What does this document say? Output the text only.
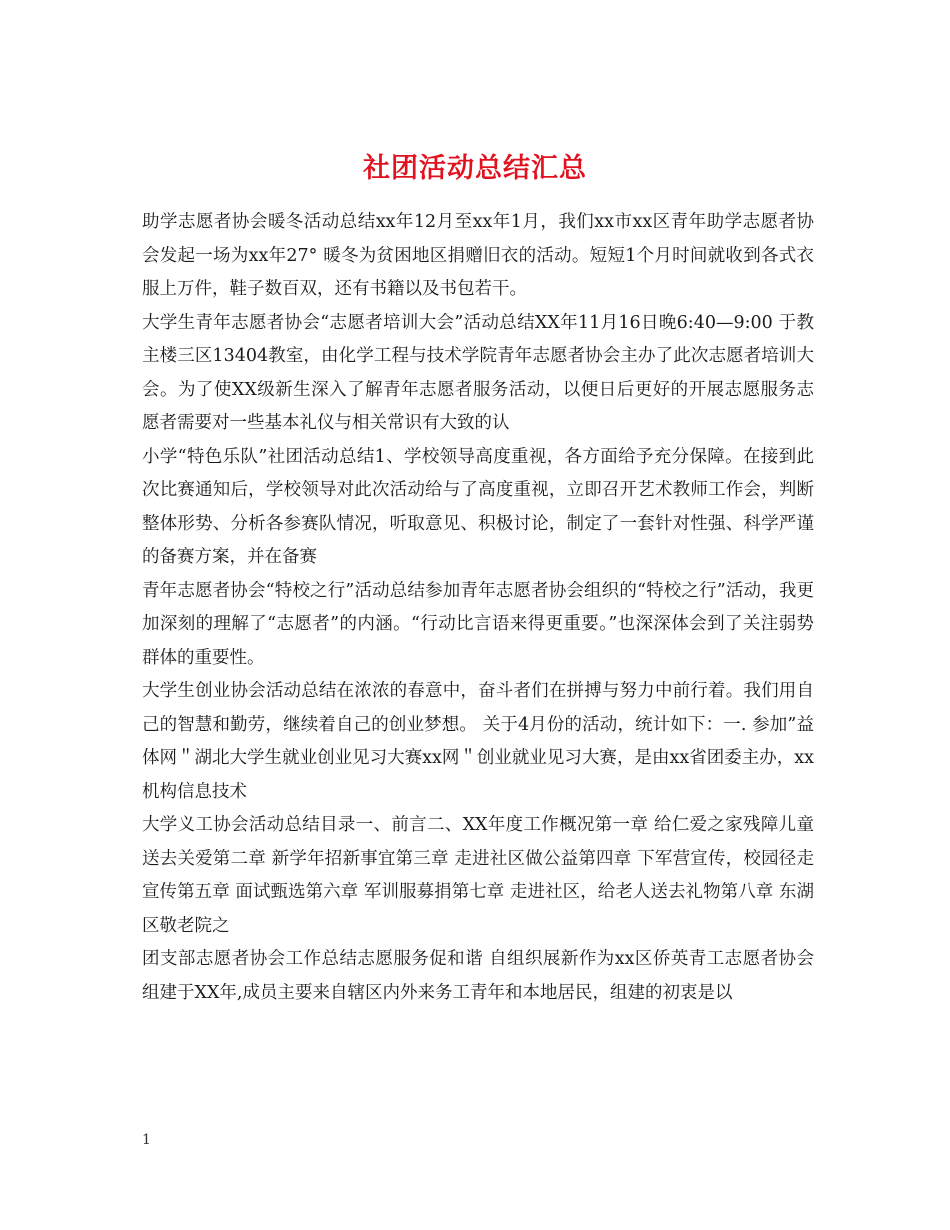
社团活动总结汇总

助学志愿者协会暖冬活动总结xx年12月至xx年1月，我们xx市xx区青年助学志愿者协会发起一场为xx年27° 暖冬为贫困地区捐赠旧衣的活动。短短1个月时间就收到各式衣服上万件，鞋子数百双，还有书籍以及书包若干。

大学生青年志愿者协会“志愿者培训大会”活动总结XX年11月16日晚6:40—9:00 于教主楼三区13404教室，由化学工程与技术学院青年志愿者协会主办了此次志愿者培训大会。为了使XX级新生深入了解青年志愿者服务活动，以便日后更好的开展志愿服务志愿者需要对一些基本礼仪与相关常识有大致的认

小学“特色乐队”社团活动总结1、学校领导高度重视，各方面给予充分保障。在接到此次比赛通知后，学校领导对此次活动给与了高度重视，立即召开艺术教师工作会，判断整体形势、分析各参赛队情况，听取意见、积极讨论，制定了一套针对性强、科学严谨的备赛方案，并在备赛

青年志愿者协会“特校之行”活动总结参加青年志愿者协会组织的“特校之行”活动，我更加深刻的理解了“志愿者”的内涵。“行动比言语来得更重要。”也深深体会到了关注弱势群体的重要性。

大学生创业协会活动总结在浓浓的春意中，奋斗者们在拼搏与努力中前行着。我们用自己的智慧和勤劳，继续着自己的创业梦想。 关于4月份的活动，统计如下：一. 参加”益体网＂湖北大学生就业创业见习大赛xx网＂创业就业见习大赛，是由xx省团委主办，xx机构信息技术

大学义工协会活动总结目录一、前言二、XX年度工作概况第一章 给仁爱之家残障儿童送去关爱第二章 新学年招新事宜第三章 走进社区做公益第四章 下军营宣传，校园径走宣传第五章 面试甄选第六章 军训服募捐第七章 走进社区，给老人送去礼物第八章 东湖区敬老院之

团支部志愿者协会工作总结志愿服务促和谐 自组织展新作为xx区侨英青工志愿者协会组建于XX年,成员主要来自辖区内外来务工青年和本地居民，组建的初衷是以

1
